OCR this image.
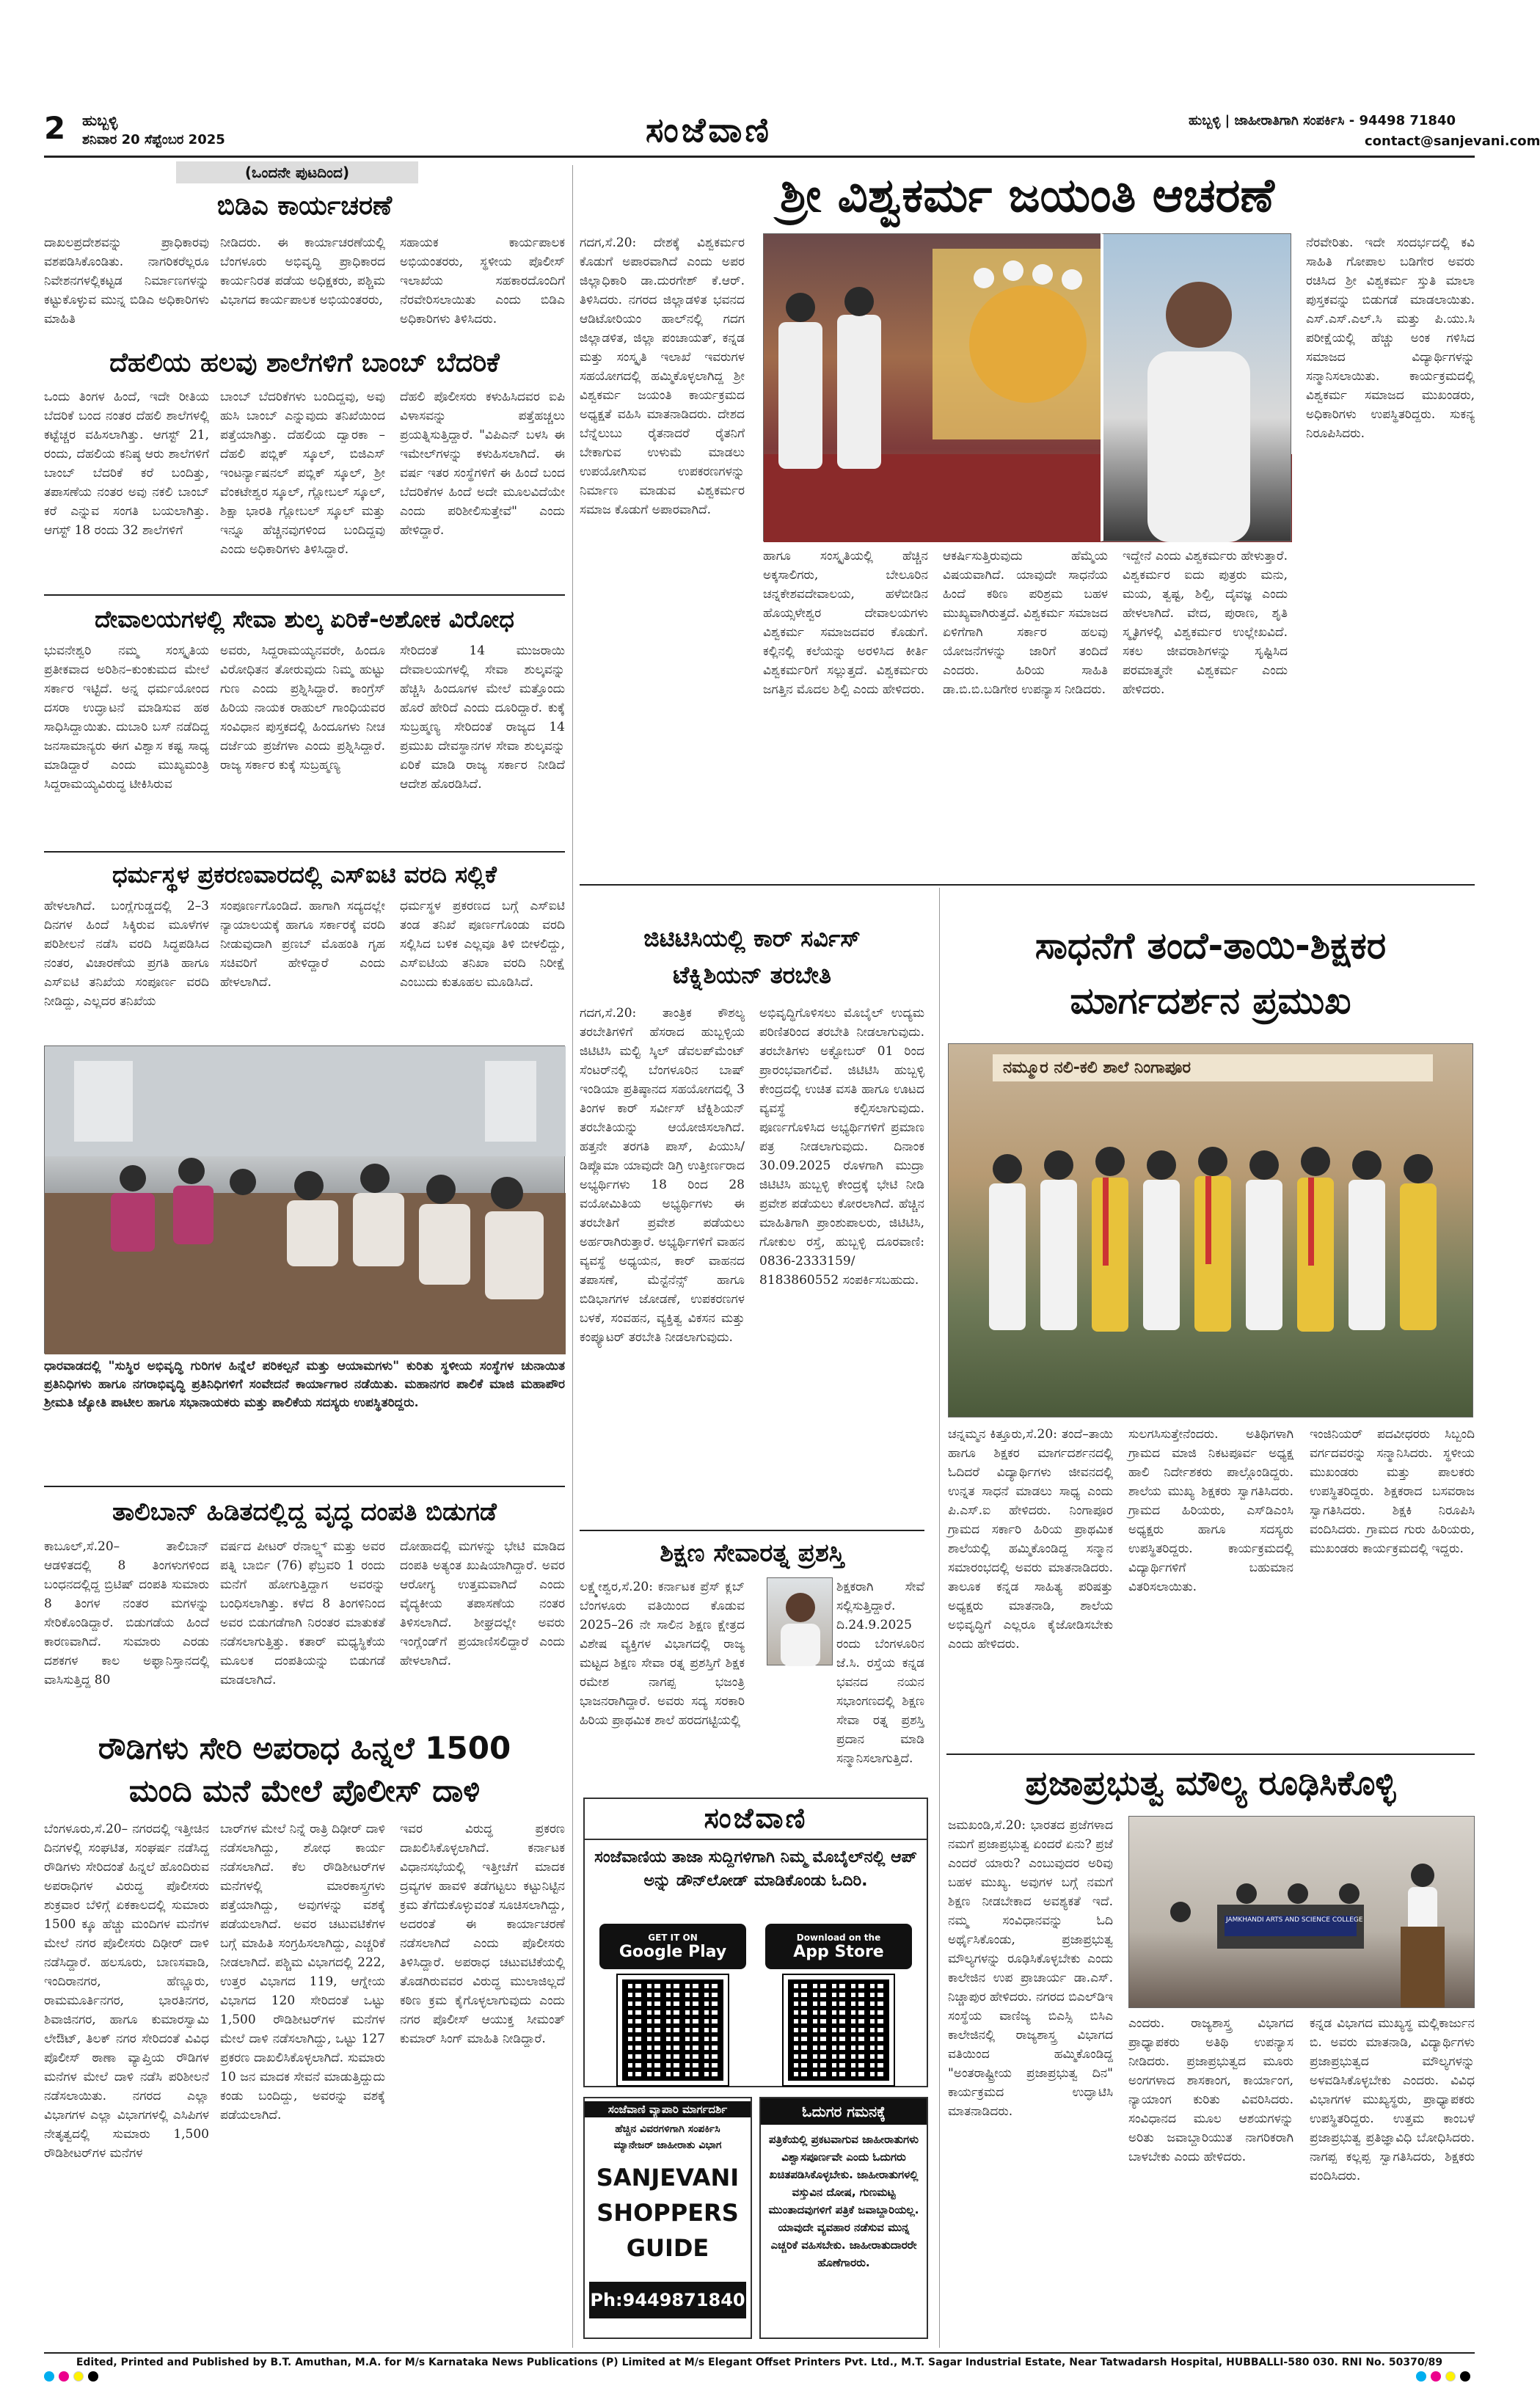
2 ಹುಬ್ಬಳ್ಳಿ
ಶನಿವಾರ 20 ಸೆಪ್ಟೆಂಬರ 2025	ಸಂಜೆವಾಣಿ	ಹುಬ್ಬಳ್ಳಿ | ಜಾಹೀರಾತಿಗಾಗಿ ಸಂಪರ್ಕಿಸಿ - 94498 71840
contact@sanjevani.com
(ಒಂದನೇ ಪುಟದಿಂದ)
ಬಿಡಿಎ ಕಾರ್ಯಚರಣೆ
ದಾಖಲಪ್ರದೇಶವನ್ನು ಪ್ರಾಧಿಕಾರವು ವಶಪಡಿಸಿಕೊಂಡಿತು. ನಾಗರಿಕರೆಲ್ಲರೂ ನಿವೇಶನಗಳಲ್ಲಿಕಟ್ಟಡ ನಿರ್ಮಾಣಗಳನ್ನು ಕಟ್ಟುಕೊಳ್ಳುವ ಮುನ್ನ ಬಿಡಿಎ ಅಧಿಕಾರಿಗಳು ಮಾಹಿತಿ
ನೀಡಿದರು. ಈ ಕಾರ್ಯಾಚರಣೆಯಲ್ಲಿ ಬೆಂಗಳೂರು ಅಭಿವೃದ್ಧಿ ಪ್ರಾಧಿಕಾರದ ಕಾರ್ಯನಿರತ ಪಡೆಯ ಅಧಿಕ್ಷಕರು, ಪಶ್ಚಿಮ ವಿಭಾಗದ ಕಾರ್ಯಪಾಲಕ ಅಭಿಯಂತರರು,
ಸಹಾಯಕ ಕಾರ್ಯಪಾಲಕ ಅಭಿಯಂತರರು, ಸ್ಥಳೀಯ ಪೊಲೀಸ್ ಇಲಾಖೆಯ ಸಹಕಾರದೊಂದಿಗೆ ನೆರವೇರಿಸಲಾಯಿತು ಎಂದು ಬಿಡಿಎ ಅಧಿಕಾರಿಗಳು ತಿಳಿಸಿದರು.
ದೆಹಲಿಯ ಹಲವು ಶಾಲೆಗಳಿಗೆ ಬಾಂಬ್ ಬೆದರಿಕೆ
ಒಂದು ತಿಂಗಳ ಹಿಂದೆ, ಇದೇ ರೀತಿಯ ಬೆದರಿಕೆ ಬಂದ ನಂತರ ದೆಹಲಿ ಶಾಲೆಗಳಲ್ಲಿ ಕಟ್ಟೆಚ್ಚರ ವಹಿಸಲಾಗಿತ್ತು. ಆಗಸ್ಟ್ 21, ರಂದು, ದೆಹಲಿಯ ಕನಿಷ್ಠ ಆರು ಶಾಲೆಗಳಿಗೆ ಬಾಂಬ್ ಬೆದರಿಕೆ ಕರೆ ಬಂದಿತ್ತು, ತಪಾಸಣೆಯ ನಂತರ ಅವು ನಕಲಿ ಬಾಂಬ್ ಕರೆ ಎನ್ನುವ ಸಂಗತಿ ಬಯಲಾಗಿತ್ತು. ಆಗಸ್ಟ್ 18 ರಂದು 32 ಶಾಲೆಗಳಿಗೆ
ಬಾಂಬ್ ಬೆದರಿಕೆಗಳು ಬಂದಿದ್ದವು, ಅವು ಹುಸಿ ಬಾಂಬ್ ಎನ್ನುವುದು ತನಿಖೆಯಿಂದ ಪತ್ತೆಯಾಗಿತ್ತು. ದೆಹಲಿಯ ದ್ವಾರಕಾ – ದೆಹಲಿ ಪಬ್ಲಿಕ್ ಸ್ಕೂಲ್, ಬಿಜಿಎಸ್ ಇಂಟರ್ನ್ಯಾಷನಲ್ ಪಬ್ಲಿಕ್ ಸ್ಕೂಲ್, ಶ್ರೀ ವೆಂಕಟೇಶ್ವರ ಸ್ಕೂಲ್, ಗ್ಲೋಬಲ್ ಸ್ಕೂಲ್, ಶಿಕ್ಷಾ ಭಾರತಿ ಗ್ಲೋಬಲ್ ಸ್ಕೂಲ್ ಮತ್ತು ಇನ್ನೂ ಹೆಚ್ಚಿನವುಗಳಿಂದ ಬಂದಿದ್ದವು ಎಂದು ಅಧಿಕಾರಿಗಳು ತಿಳಿಸಿದ್ದಾರೆ.
ದೆಹಲಿ ಪೊಲೀಸರು ಕಳುಹಿಸಿದವರ ಐಪಿ ವಿಳಾಸವನ್ನು ಪತ್ತೆಹಚ್ಚಲು ಪ್ರಯತ್ನಿಸುತ್ತಿದ್ದಾರೆ. "ವಿಪಿಎನ್ ಬಳಸಿ ಈ ಇಮೇಲ್‌ಗಳನ್ನು ಕಳುಹಿಸಲಾಗಿದೆ. ಈ ವರ್ಷ ಇತರ ಸಂಸ್ಥೆಗಳಿಗೆ ಈ ಹಿಂದೆ ಬಂದ ಬೆದರಿಕೆಗಳ ಹಿಂದೆ ಅದೇ ಮೂಲವಿದೆಯೇ ಎಂದು ಪರಿಶೀಲಿಸುತ್ತೇವೆ" ಎಂದು ಹೇಳಿದ್ದಾರೆ.
ದೇವಾಲಯಗಳಲ್ಲಿ ಸೇವಾ ಶುಲ್ಕ ಏರಿಕೆ-ಅಶೋಕ ವಿರೋಧ
ಭುವನೇಶ್ವರಿ ನಮ್ಮ ಸಂಸ್ಕೃತಿಯ ಪ್ರತೀಕವಾದ ಅರಿಶಿನ–ಕುಂಕುಮದ ಮೇಲೆ ಸರ್ಕಾರ ಇಟ್ಟಿದೆ. ಅನ್ನ ಧರ್ಮಯೋಂದ ದಸರಾ ಉದ್ಘಾಟನೆ ಮಾಡಿಸುವ ಹಠ ಸಾಧಿಸಿದ್ದಾಯಿತು. ದುಬಾರಿ ಬಸ್ ನಡೆದಿದ್ದ ಜನಸಾಮಾನ್ಯರು ಈಗ ವಿಶ್ವಾಸ ಕಷ್ಟ ಸಾಧ್ಯ ಮಾಡಿದ್ದಾರೆ ಎಂದು ಮುಖ್ಯಮಂತ್ರಿ ಸಿದ್ದರಾಮಯ್ಯವಿರುದ್ಧ ಟೀಕಿಸಿರುವ
ಅವರು, ಸಿದ್ದರಾಮಯ್ಯನವರೇ, ಹಿಂದೂ ವಿರೋಧಿತನ ತೋರುವುದು ನಿಮ್ಮ ಹುಟ್ಟು ಗುಣ ಎಂದು ಪ್ರಶ್ನಿಸಿದ್ದಾರೆ. ಕಾಂಗ್ರೆಸ್ ಹಿರಿಯ ನಾಯಕ ರಾಹುಲ್ ಗಾಂಧಿಯವರ ಸಂವಿಧಾನ ಪುಸ್ತಕದಲ್ಲಿ ಹಿಂದೂಗಳು ನೀಚ ದರ್ಜೆಯ ಪ್ರಜೆಗಳಾ ಎಂದು ಪ್ರಶ್ನಿಸಿದ್ದಾರೆ. ರಾಜ್ಯ ಸರ್ಕಾರ ಕುಕ್ಕೆ ಸುಬ್ರಹ್ಮಣ್ಯ
ಸೇರಿದಂತೆ 14 ಮುಜರಾಯಿ ದೇವಾಲಯಗಳಲ್ಲಿ ಸೇವಾ ಶುಲ್ಕವನ್ನು ಹೆಚ್ಚಿಸಿ ಹಿಂದೂಗಳ ಮೇಲೆ ಮತ್ತೊಂದು ಹೊರೆ ಹೇರಿದೆ ಎಂದು ದೂರಿದ್ದಾರೆ. ಕುಕ್ಕೆ ಸುಬ್ರಹ್ಮಣ್ಯ ಸೇರಿದಂತೆ ರಾಜ್ಯದ 14 ಪ್ರಮುಖ ದೇವಸ್ಥಾನಗಳ ಸೇವಾ ಶುಲ್ಕವನ್ನು ಏರಿಕೆ ಮಾಡಿ ರಾಜ್ಯ ಸರ್ಕಾರ ನೀಡಿದೆ ಆದೇಶ ಹೊರಡಿಸಿದೆ.
ಧರ್ಮಸ್ಥಳ ಪ್ರಕರಣವಾರದಲ್ಲಿ ಎಸ್‌ಐಟಿ ವರದಿ ಸಲ್ಲಿಕೆ
ಹೇಳಲಾಗಿದೆ. ಬಂಗ್ಲೆಗುಡ್ಡದಲ್ಲಿ 2–3 ದಿನಗಳ ಹಿಂದೆ ಸಿಕ್ಕಿರುವ ಮೂಳೆಗಳ ಪರಿಶೀಲನೆ ನಡೆಸಿ ವರದಿ ಸಿದ್ಧಪಡಿಸಿದ ನಂತರ, ವಿಚಾರಣೆಯ ಪ್ರಗತಿ ಹಾಗೂ ಎಸ್‌ಐಟಿ ತನಿಖೆಯ ಸಂಪೂರ್ಣ ವರದಿ ನೀಡಿದ್ದು, ಎಲ್ಲದರ ತನಿಖೆಯ
ಸಂಪೂರ್ಣಗೊಂಡಿದೆ. ಹಾಗಾಗಿ ಸದ್ಯದಲ್ಲೇ ನ್ಯಾಯಾಲಯಕ್ಕೆ ಹಾಗೂ ಸರ್ಕಾರಕ್ಕೆ ವರದಿ ನೀಡುವುದಾಗಿ ಪ್ರಣಬ್ ಮೊಹಂತಿ ಗೃಹ ಸಚಿವರಿಗೆ ಹೇಳಿದ್ದಾರೆ ಎಂದು ಹೇಳಲಾಗಿದೆ.
ಧರ್ಮಸ್ಥಳ ಪ್ರಕರಣದ ಬಗ್ಗೆ ಎಸ್‌ಐಟಿ ತಂಡ ತನಿಖೆ ಪೂರ್ಣಗೊಂಡು ವರದಿ ಸಲ್ಲಿಸಿದ ಬಳಿಕ ಎಲ್ಲವೂ ತಿಳಿ ಬೀಳಲಿದ್ದು, ಎಸ್‌ಐಟಿಯ ತನಿಖಾ ವರದಿ ನಿರೀಕ್ಷೆ ಎಂಬುದು ಕುತೂಹಲ ಮೂಡಿಸಿದೆ.
ಧಾರವಾಡದಲ್ಲಿ "ಸುಸ್ಥಿರ ಅಭಿವೃದ್ಧಿ ಗುರಿಗಳ ಹಿನ್ನೆಲೆ ಪರಿಕಲ್ಪನೆ ಮತ್ತು ಆಯಾಮಗಳು" ಕುರಿತು ಸ್ಥಳೀಯ ಸಂಸ್ಥೆಗಳ ಚುನಾಯಿತ ಪ್ರತಿನಿಧಿಗಳು ಹಾಗೂ ನಗರಾಭಿವೃದ್ಧಿ ಪ್ರತಿನಿಧಿಗಳಿಗೆ ಸಂವೇದನೆ ಕಾರ್ಯಾಗಾರ ನಡೆಯಿತು. ಮಹಾನಗರ ಪಾಲಿಕೆ ಮಾಜಿ ಮಹಾಪೌರ ಶ್ರೀಮತಿ ಜ್ಯೋತಿ ಪಾಟೀಲ ಹಾಗೂ ಸಭಾನಾಯಕರು ಮತ್ತು ಪಾಲಿಕೆಯ ಸದಸ್ಯರು ಉಪಸ್ಥಿತರಿದ್ದರು.
ತಾಲಿಬಾನ್ ಹಿಡಿತದಲ್ಲಿದ್ದ ವೃದ್ಧ ದಂಪತಿ ಬಿಡುಗಡೆ
ಕಾಬೂಲ್,ಸೆ.20– ತಾಲಿಬಾನ್ ಆಡಳಿತದಲ್ಲಿ 8 ತಿಂಗಳುಗಳಿಂದ ಬಂಧನದಲ್ಲಿದ್ದ ಬ್ರಿಟಿಷ್ ದಂಪತಿ ಸುಮಾರು 8 ತಿಂಗಳ ನಂತರ ಮಗಳನ್ನು ಸೇರಿಕೊಂಡಿದ್ದಾರೆ. ಬಿಡುಗಡೆಯ ಹಿಂದೆ ಕಾರಣವಾಗಿದೆ. ಸುಮಾರು ಎರಡು ದಶಕಗಳ ಕಾಲ ಅಫ್ಘಾನಿಸ್ತಾನದಲ್ಲಿ ವಾಸಿಸುತ್ತಿದ್ದ 80
ವರ್ಷದ ಪೀಟರ್ ರೆನಾಲ್ಡ್ಸ್ ಮತ್ತು ಅವರ ಪತ್ನಿ ಬಾರ್ಬಿ (76) ಫೆಬ್ರವರಿ 1 ರಂದು ಮನೆಗೆ ಹೋಗುತ್ತಿದ್ದಾಗ ಅವರನ್ನು ಬಂಧಿಸಲಾಗಿತ್ತು. ಕಳೆದ 8 ತಿಂಗಳಿನಿಂದ ಅವರ ಬಿಡುಗಡೆಗಾಗಿ ನಿರಂತರ ಮಾತುಕತೆ ನಡೆಸಲಾಗುತ್ತಿತ್ತು. ಕತಾರ್ ಮಧ್ಯಸ್ಥಿಕೆಯ ಮೂಲಕ ದಂಪತಿಯನ್ನು ಬಿಡುಗಡೆ ಮಾಡಲಾಗಿದೆ.
ದೋಹಾದಲ್ಲಿ ಮಗಳನ್ನು ಭೇಟಿ ಮಾಡಿದ ದಂಪತಿ ಅತ್ಯಂತ ಖುಷಿಯಾಗಿದ್ದಾರೆ. ಅವರ ಆರೋಗ್ಯ ಉತ್ತಮವಾಗಿದೆ ಎಂದು ವೈದ್ಯಕೀಯ ತಪಾಸಣೆಯ ನಂತರ ತಿಳಿಸಲಾಗಿದೆ. ಶೀಘ್ರದಲ್ಲೇ ಅವರು ಇಂಗ್ಲೆಂಡ್‌ಗೆ ಪ್ರಯಾಣಿಸಲಿದ್ದಾರೆ ಎಂದು ಹೇಳಲಾಗಿದೆ.
ರೌಡಿಗಳು ಸೇರಿ ಅಪರಾಧ ಹಿನ್ನಲೆ 1500
ಮಂದಿ ಮನೆ ಮೇಲೆ ಪೊಲೀಸ್ ದಾಳಿ
ಬೆಂಗಳೂರು,ಸೆ.20– ನಗರದಲ್ಲಿ ಇತ್ತೀಚಿನ ದಿನಗಳಲ್ಲಿ ಸಂಘಟಿತ, ಸಂಘರ್ಷ ನಡೆಸಿದ್ದ ರೌಡಿಗಳು ಸೇರಿದಂತೆ ಹಿನ್ನಲೆ ಹೊಂದಿರುವ ಅಪರಾಧಿಗಳ ವಿರುದ್ಧ ಪೊಲೀಸರು ಶುಕ್ರವಾರ ಬೆಳಿಗ್ಗೆ ಏಕಕಾಲದಲ್ಲಿ ಸುಮಾರು 1500 ಕ್ಕೂ ಹೆಚ್ಚು ಮಂದಿಗಳ ಮನೆಗಳ ಮೇಲೆ ನಗರ ಪೊಲೀಸರು ದಿಢೀರ್ ದಾಳಿ ನಡೆಸಿದ್ದಾರೆ. ಹಲಸೂರು, ಬಾಣಸವಾಡಿ, ಇಂದಿರಾನಗರ, ಹೆಣ್ಣೂರು, ರಾಮಮೂರ್ತಿನಗರ, ಭಾರತಿನಗರ, ಶಿವಾಜಿನಗರ, ಹಾಗೂ ಕುಮಾರಸ್ವಾಮಿ ಲೇಔಟ್, ತಿಲಕ್ ನಗರ ಸೇರಿದಂತೆ ವಿವಿಧ ಪೊಲೀಸ್ ಠಾಣಾ ವ್ಯಾಪ್ತಿಯ ರೌಡಿಗಳ ಮನೆಗಳ ಮೇಲೆ ದಾಳಿ ನಡೆಸಿ ಪರಿಶೀಲನೆ ನಡೆಸಲಾಯಿತು. ನಗರದ ಎಲ್ಲಾ ವಿಭಾಗಗಳ ಎಲ್ಲಾ ವಿಭಾಗಗಳಲ್ಲಿ ಎಸಿಪಿಗಳ ನೇತೃತ್ವದಲ್ಲಿ ಸುಮಾರು 1,500 ರೌಡಿಶೀಟರ್‌ಗಳ ಮನೆಗಳ
ಬಾರ್‌ಗಳ ಮೇಲೆ ನಿನ್ನೆ ರಾತ್ರಿ ದಿಢೀರ್ ದಾಳಿ ನಡೆಸಲಾಗಿದ್ದು, ಶೋಧ ಕಾರ್ಯ ನಡೆಸಲಾಗಿದೆ. ಕೆಲ ರೌಡಿಶೀಟರ್‌ಗಳ ಮನೆಗಳಲ್ಲಿ ಮಾರಕಾಸ್ತ್ರಗಳು ಪತ್ತೆಯಾಗಿದ್ದು, ಅವುಗಳನ್ನು ವಶಕ್ಕೆ ಪಡೆಯಲಾಗಿದೆ. ಅವರ ಚಟುವಟಿಕೆಗಳ ಬಗ್ಗೆ ಮಾಹಿತಿ ಸಂಗ್ರಹಿಸಲಾಗಿದ್ದು, ಎಚ್ಚರಿಕೆ ನೀಡಲಾಗಿದೆ. ಪಶ್ಚಿಮ ವಿಭಾಗದಲ್ಲಿ 222, ಉತ್ತರ ವಿಭಾಗದ 119, ಆಗ್ನೇಯ ವಿಭಾಗದ 120 ಸೇರಿದಂತೆ ಒಟ್ಟು 1,500 ರೌಡಿಶೀಟರ್‌ಗಳ ಮನೆಗಳ ಮೇಲೆ ದಾಳಿ ನಡೆಸಲಾಗಿದ್ದು, ಒಟ್ಟು 127 ಪ್ರಕರಣ ದಾಖಲಿಸಿಕೊಳ್ಳಲಾಗಿದೆ. ಸುಮಾರು 10 ಜನ ಮಾದಕ ಸೇವನೆ ಮಾಡುತ್ತಿದ್ದುದು ಕಂಡು ಬಂದಿದ್ದು, ಅವರನ್ನು ವಶಕ್ಕೆ ಪಡೆಯಲಾಗಿದೆ.
ಇವರ ವಿರುದ್ಧ ಪ್ರಕರಣ ದಾಖಲಿಸಿಕೊಳ್ಳಲಾಗಿದೆ. ಕರ್ನಾಟಕ ವಿಧಾನಸಭೆಯಲ್ಲಿ ಇತ್ತೀಚೆಗೆ ಮಾದಕ ದ್ರವ್ಯಗಳ ಹಾವಳಿ ತಡೆಗಟ್ಟಲು ಕಟ್ಟುನಿಟ್ಟಿನ ಕ್ರಮ ತೆಗೆದುಕೊಳ್ಳುವಂತೆ ಸೂಚಿಸಲಾಗಿದ್ದು, ಅದರಂತೆ ಈ ಕಾರ್ಯಾಚರಣೆ ನಡೆಸಲಾಗಿದೆ ಎಂದು ಪೊಲೀಸರು ತಿಳಿಸಿದ್ದಾರೆ. ಅಪರಾಧ ಚಟುವಟಿಕೆಯಲ್ಲಿ ತೊಡಗಿರುವವರ ವಿರುದ್ಧ ಮುಲಾಜಿಲ್ಲದೆ ಕಠಿಣ ಕ್ರಮ ಕೈಗೊಳ್ಳಲಾಗುವುದು ಎಂದು ನಗರ ಪೊಲೀಸ್ ಆಯುಕ್ತ ಸೀಮಂತ್ ಕುಮಾರ್ ಸಿಂಗ್ ಮಾಹಿತಿ ನೀಡಿದ್ದಾರೆ.
ಶ್ರೀ ವಿಶ್ವಕರ್ಮ ಜಯಂತಿ ಆಚರಣೆ
ಗದಗ,ಸೆ.20: ದೇಶಕ್ಕೆ ವಿಶ್ವಕರ್ಮರ ಕೊಡುಗೆ ಅಪಾರವಾಗಿದೆ ಎಂದು ಅಪರ ಜಿಲ್ಲಾಧಿಕಾರಿ ಡಾ.ದುರಗೇಶ್ ಕೆ.ಆರ್. ತಿಳಿಸಿದರು. ನಗರದ ಜಿಲ್ಲಾಡಳಿತ ಭವನದ ಆಡಿಟೋರಿಯಂ ಹಾಲ್‌ನಲ್ಲಿ ಗದಗ ಜಿಲ್ಲಾಡಳಿತ, ಜಿಲ್ಲಾ ಪಂಚಾಯತ್, ಕನ್ನಡ ಮತ್ತು ಸಂಸ್ಕೃತಿ ಇಲಾಖೆ ಇವರುಗಳ ಸಹಯೋಗದಲ್ಲಿ ಹಮ್ಮಿಕೊಳ್ಳಲಾಗಿದ್ದ ಶ್ರೀ ವಿಶ್ವಕರ್ಮ ಜಯಂತಿ ಕಾರ್ಯಕ್ರಮದ ಅಧ್ಯಕ್ಷತೆ ವಹಿಸಿ ಮಾತನಾಡಿದರು. ದೇಶದ ಬೆನ್ನೆಲುಬು ರೈತನಾದರೆ ರೈತನಿಗೆ ಬೇಕಾಗುವ ಉಳುಮೆ ಮಾಡಲು ಉಪಯೋಗಿಸುವ ಉಪಕರಣಗಳನ್ನು ನಿರ್ಮಾಣ ಮಾಡುವ ವಿಶ್ವಕರ್ಮರ ಸಮಾಜ ಕೊಡುಗೆ ಅಪಾರವಾಗಿದೆ.
ಹಾಗೂ ಸಂಸ್ಕೃತಿಯಲ್ಲಿ ಹೆಚ್ಚಿನ ಅಕ್ಕಸಾಲಿಗರು, ಬೇಲೂರಿನ ಚನ್ನಕೇಶವದೇವಾಲಯ, ಹಳೆಬೀಡಿನ ಹೊಯ್ಸಳೇಶ್ವರ ದೇವಾಲಯಗಳು ವಿಶ್ವಕರ್ಮ ಸಮಾಜದವರ ಕೊಡುಗೆ. ಕಲ್ಲಿನಲ್ಲಿ ಕಲೆಯನ್ನು ಅರಳಿಸಿದ ಕೀರ್ತಿ ವಿಶ್ವಕರ್ಮರಿಗೆ ಸಲ್ಲುತ್ತದೆ. ವಿಶ್ವಕರ್ಮರು ಜಗತ್ತಿನ ಮೊದಲ ಶಿಲ್ಪಿ ಎಂದು ಹೇಳಿದರು.
ಆಕರ್ಷಿಸುತ್ತಿರುವುದು ಹೆಮ್ಮೆಯ ವಿಷಯವಾಗಿದೆ. ಯಾವುದೇ ಸಾಧನೆಯ ಹಿಂದೆ ಕಠಿಣ ಪರಿಶ್ರಮ ಬಹಳ ಮುಖ್ಯವಾಗಿರುತ್ತದೆ. ವಿಶ್ವಕರ್ಮ ಸಮಾಜದ ಏಳಿಗೆಗಾಗಿ ಸರ್ಕಾರ ಹಲವು ಯೋಜನೆಗಳನ್ನು ಜಾರಿಗೆ ತಂದಿದೆ ಎಂದರು. ಹಿರಿಯ ಸಾಹಿತಿ ಡಾ.ಬಿ.ಬಿ.ಬಡಿಗೇರ ಉಪನ್ಯಾಸ ನೀಡಿದರು.
ಇದ್ದೇನೆ ಎಂದು ವಿಶ್ವಕರ್ಮರು ಹೇಳುತ್ತಾರೆ. ವಿಶ್ವಕರ್ಮರ ಐದು ಪುತ್ರರು ಮನು, ಮಯ, ತ್ವಷ್ಟ, ಶಿಲ್ಪಿ, ದೈವಜ್ಞ ಎಂದು ಹೇಳಲಾಗಿದೆ. ವೇದ, ಪುರಾಣ, ಶೃತಿ ಸ್ಮೃತಿಗಳಲ್ಲಿ ವಿಶ್ವಕರ್ಮರ ಉಲ್ಲೇಖವಿದೆ. ಸಕಲ ಜೀವರಾಶಿಗಳನ್ನು ಸೃಷ್ಟಿಸಿದ ಪರಮಾತ್ಮನೇ ವಿಶ್ವಕರ್ಮ ಎಂದು ಹೇಳಿದರು.
ನೆರವೇರಿತು. ಇದೇ ಸಂದರ್ಭದಲ್ಲಿ ಕವಿ ಸಾಹಿತಿ ಗೋಪಾಲ ಬಡಿಗೇರ ಅವರು ರಚಿಸಿದ ಶ್ರೀ ವಿಶ್ವಕರ್ಮ ಸ್ತುತಿ ಮಾಲಾ ಪುಸ್ತಕವನ್ನು ಬಿಡುಗಡೆ ಮಾಡಲಾಯಿತು. ಎಸ್.ಎಸ್.ಎಲ್.ಸಿ ಮತ್ತು ಪಿ.ಯು.ಸಿ ಪರೀಕ್ಷೆಯಲ್ಲಿ ಹೆಚ್ಚು ಅಂಕ ಗಳಿಸಿದ ಸಮಾಜದ ವಿದ್ಯಾರ್ಥಿಗಳನ್ನು ಸನ್ಮಾನಿಸಲಾಯಿತು. ಕಾರ್ಯಕ್ರಮದಲ್ಲಿ ವಿಶ್ವಕರ್ಮ ಸಮಾಜದ ಮುಖಂಡರು, ಅಧಿಕಾರಿಗಳು ಉಪಸ್ಥಿತರಿದ್ದರು. ಸುಕನ್ಯ ನಿರೂಪಿಸಿದರು.
ಜಿಟಿಟಿಸಿಯಲ್ಲಿ ಕಾರ್ ಸರ್ವಿಸ್
ಟೆಕ್ನಿಶಿಯನ್ ತರಬೇತಿ
ಗದಗ,ಸೆ.20: ತಾಂತ್ರಿಕ ಕೌಶಲ್ಯ ತರಬೇತಿಗಳಿಗೆ ಹೆಸರಾದ ಹುಬ್ಬಳ್ಳಿಯ ಜಿಟಿಟಿಸಿ ಮಲ್ಟಿ ಸ್ಕಿಲ್ ಡೆವಲಪ್‌ಮೆಂಟ್ ಸೆಂಟರ್‌ನಲ್ಲಿ ಬೆಂಗಳೂರಿನ ಬಾಷ್ ಇಂಡಿಯಾ ಪ್ರತಿಷ್ಠಾನದ ಸಹಯೋಗದಲ್ಲಿ 3 ತಿಂಗಳ ಕಾರ್ ಸರ್ವೀಸ್ ಟೆಕ್ನಿಶಿಯನ್ ತರಬೇತಿಯನ್ನು ಆಯೋಜಿಸಲಾಗಿದೆ. ಹತ್ತನೇ ತರಗತಿ ಪಾಸ್, ಪಿಯುಸಿ/ಡಿಪ್ಲೊಮಾ ಯಾವುದೇ ಡಿಗ್ರಿ ಉತ್ತೀರ್ಣರಾದ ಅಭ್ಯರ್ಥಿಗಳು 18 ರಿಂದ 28 ವಯೋಮಿತಿಯ ಅಭ್ಯರ್ಥಿಗಳು ಈ ತರಬೇತಿಗೆ ಪ್ರವೇಶ ಪಡೆಯಲು ಅರ್ಹರಾಗಿರುತ್ತಾರೆ. ಅಭ್ಯರ್ಥಿಗಳಿಗೆ ವಾಹನ ವ್ಯವಸ್ಥೆ ಅಧ್ಯಯನ, ಕಾರ್ ವಾಹನದ ತಪಾಸಣೆ, ಮೆನ್ಟೆನೆನ್ಸ್ ಹಾಗೂ ಬಿಡಿಭಾಗಗಳ ಜೋಡಣೆ, ಉಪಕರಣಗಳ ಬಳಕೆ, ಸಂವಹನ, ವ್ಯಕ್ತಿತ್ವ ವಿಕಸನ ಮತ್ತು ಕಂಪ್ಯೂಟರ್ ತರಬೇತಿ ನೀಡಲಾಗುವುದು.
ಅಭಿವೃದ್ಧಿಗೊಳಿಸಲು ಮೊಬೈಲ್ ಉದ್ಯಮ ಪರಿಣಿತರಿಂದ ತರಬೇತಿ ನೀಡಲಾಗುವುದು. ತರಬೇತಿಗಳು ಅಕ್ಟೋಬರ್ 01 ರಿಂದ ಪ್ರಾರಂಭವಾಗಲಿವೆ. ಜಿಟಿಟಿಸಿ ಹುಬ್ಬಳ್ಳಿ ಕೇಂದ್ರದಲ್ಲಿ ಉಚಿತ ವಸತಿ ಹಾಗೂ ಊಟದ ವ್ಯವಸ್ಥೆ ಕಲ್ಪಿಸಲಾಗುವುದು. ಪೂರ್ಣಗೊಳಿಸಿದ ಅಭ್ಯರ್ಥಿಗಳಿಗೆ ಪ್ರಮಾಣ ಪತ್ರ ನೀಡಲಾಗುವುದು. ದಿನಾಂಕ 30.09.2025 ರೊಳಗಾಗಿ ಮುದ್ರಾ ಜಿಟಿಟಿಸಿ ಹುಬ್ಬಳ್ಳಿ ಕೇಂದ್ರಕ್ಕೆ ಭೇಟಿ ನೀಡಿ ಪ್ರವೇಶ ಪಡೆಯಲು ಕೋರಲಾಗಿದೆ. ಹೆಚ್ಚಿನ ಮಾಹಿತಿಗಾಗಿ ಪ್ರಾಂಶುಪಾಲರು, ಜಿಟಿಟಿಸಿ, ಗೋಕುಲ ರಸ್ತೆ, ಹುಬ್ಬಳ್ಳಿ ದೂರವಾಣಿ: 0836-2333159/ 8183860552 ಸಂಪರ್ಕಿಸಬಹುದು.
ಶಿಕ್ಷಣ ಸೇವಾರತ್ನ ಪ್ರಶಸ್ತಿ
ಲಕ್ಷ್ಮೇಶ್ವರ,ಸೆ.20: ಕರ್ನಾಟಕ ಪ್ರೆಸ್ ಕ್ಲಬ್ ಬೆಂಗಳೂರು ವತಿಯಿಂದ ಕೊಡುವ 2025–26 ನೇ ಸಾಲಿನ ಶಿಕ್ಷಣ ಕ್ಷೇತ್ರದ ವಿಶೇಷ ವ್ಯಕ್ತಿಗಳ ವಿಭಾಗದಲ್ಲಿ ರಾಜ್ಯ ಮಟ್ಟದ ಶಿಕ್ಷಣ ಸೇವಾ ರತ್ನ ಪ್ರಶಸ್ತಿಗೆ ಶಿಕ್ಷಕ ರಮೇಶ ನಾಗಪ್ಪ ಭಜಂತ್ರಿ ಭಾಜನರಾಗಿದ್ದಾರೆ. ಅವರು ಸದ್ಯ ಸರಕಾರಿ ಹಿರಿಯ ಪ್ರಾಥಮಿಕ ಶಾಲೆ ಹರದಗಟ್ಟಿಯಲ್ಲಿ
ಶಿಕ್ಷಕರಾಗಿ ಸೇವೆ ಸಲ್ಲಿಸುತ್ತಿದ್ದಾರೆ. ದಿ.24.9.2025 ರಂದು ಬೆಂಗಳೂರಿನ ಜೆ.ಸಿ. ರಸ್ತೆಯ ಕನ್ನಡ ಭವನದ ನಯನ ಸಭಾಂಗಣದಲ್ಲಿ ಶಿಕ್ಷಣ ಸೇವಾ ರತ್ನ ಪ್ರಶಸ್ತಿ ಪ್ರದಾನ ಮಾಡಿ ಸನ್ಮಾನಿಸಲಾಗುತ್ತಿದೆ.
ಸಂಜೆವಾಣಿ
ಸಂಜೆವಾಣಿಯ ತಾಜಾ ಸುದ್ದಿಗಳಿಗಾಗಿ ನಿಮ್ಮ ಮೊಬೈಲ್‌ನಲ್ಲಿ ಆಪ್ ಅನ್ನು ಡೌನ್‌ಲೋಡ್ ಮಾಡಿಕೊಂಡು ಓದಿರಿ.
GET IT ON
Google Play
Download on the
App Store
ಸಂಜೆವಾಣಿ ವ್ಯಾಪಾರಿ ಮಾರ್ಗದರ್ಶಿ
ಹೆಚ್ಚಿನ ವಿವರಗಳಿಗಾಗಿ ಸಂಪರ್ಕಿಸಿ
ಮ್ಯಾನೇಜರ್ ಜಾಹೀರಾತು ವಿಭಾಗ
SANJEVANI
SHOPPERS
GUIDE
Ph:9449871840
ಓದುಗರ ಗಮನಕ್ಕೆ
ಪತ್ರಿಕೆಯಲ್ಲಿ ಪ್ರಕಟವಾಗುವ ಜಾಹೀರಾತುಗಳು ವಿಶ್ವಾಸಪೂರ್ಣವೇ ಎಂದು ಓದುಗರು ಖಚಿತಪಡಿಸಿಕೊಳ್ಳಬೇಕು. ಜಾಹೀರಾತುಗಳಲ್ಲಿ ವಸ್ತುವಿನ ದೋಷ, ಗುಣಮಟ್ಟ ಮುಂತಾದವುಗಳಿಗೆ ಪತ್ರಿಕೆ ಜವಾಬ್ದಾರಿಯಲ್ಲ. ಯಾವುದೇ ವ್ಯವಹಾರ ನಡೆಸುವ ಮುನ್ನ ಎಚ್ಚರಿಕೆ ವಹಿಸಬೇಕು. ಜಾಹೀರಾತುದಾರರೇ ಹೊಣೆಗಾರರು.
ಸಾಧನೆಗೆ ತಂದೆ-ತಾಯಿ-ಶಿಕ್ಷಕರ
ಮಾರ್ಗದರ್ಶನ ಪ್ರಮುಖ
ನಮ್ಮೂರ ನಲಿ-ಕಲಿ ಶಾಲೆ ನಿಂಗಾಪೂರ
ಚನ್ನಮ್ಮನ ಕಿತ್ತೂರು,ಸೆ.20: ತಂದೆ–ತಾಯಿ ಹಾಗೂ ಶಿಕ್ಷಕರ ಮಾರ್ಗದರ್ಶನದಲ್ಲಿ ಓದಿದರೆ ವಿದ್ಯಾರ್ಥಿಗಳು ಜೀವನದಲ್ಲಿ ಉನ್ನತ ಸಾಧನೆ ಮಾಡಲು ಸಾಧ್ಯ ಎಂದು ಪಿ.ಎಸ್.ಐ ಹೇಳಿದರು. ನಿಂಗಾಪೂರ ಗ್ರಾಮದ ಸರ್ಕಾರಿ ಹಿರಿಯ ಪ್ರಾಥಮಿಕ ಶಾಲೆಯಲ್ಲಿ ಹಮ್ಮಿಕೊಂಡಿದ್ದ ಸನ್ಮಾನ ಸಮಾರಂಭದಲ್ಲಿ ಅವರು ಮಾತನಾಡಿದರು. ತಾಲೂಕ ಕನ್ನಡ ಸಾಹಿತ್ಯ ಪರಿಷತ್ತು ಅಧ್ಯಕ್ಷರು ಮಾತನಾಡಿ, ಶಾಲೆಯ ಅಭಿವೃದ್ಧಿಗೆ ಎಲ್ಲರೂ ಕೈಜೋಡಿಸಬೇಕು ಎಂದು ಹೇಳಿದರು.
ಸುಲಗಸಿಸುತ್ತೇನೆಂದರು. ಅತಿಥಿಗಳಾಗಿ ಗ್ರಾಮದ ಮಾಜಿ ನಿಕಟಪೂರ್ವ ಅಧ್ಯಕ್ಷ ಹಾಲಿ ನಿರ್ದೇಶಕರು ಪಾಲ್ಗೊಂಡಿದ್ದರು. ಶಾಲೆಯ ಮುಖ್ಯ ಶಿಕ್ಷಕರು ಸ್ವಾಗತಿಸಿದರು. ಗ್ರಾಮದ ಹಿರಿಯರು, ಎಸ್‌ಡಿಎಂಸಿ ಅಧ್ಯಕ್ಷರು ಹಾಗೂ ಸದಸ್ಯರು ಉಪಸ್ಥಿತರಿದ್ದರು. ಕಾರ್ಯಕ್ರಮದಲ್ಲಿ ವಿದ್ಯಾರ್ಥಿಗಳಿಗೆ ಬಹುಮಾನ ವಿತರಿಸಲಾಯಿತು.
ಇಂಜಿನಿಯರ್ ಪದವೀಧರರು ಸಿಬ್ಬಂದಿ ವರ್ಗದವರನ್ನು ಸನ್ಮಾನಿಸಿದರು. ಸ್ಥಳೀಯ ಮುಖಂಡರು ಮತ್ತು ಪಾಲಕರು ಉಪಸ್ಥಿತರಿದ್ದರು. ಶಿಕ್ಷಕರಾದ ಬಸವರಾಜ ಸ್ವಾಗತಿಸಿದರು. ಶಿಕ್ಷಕಿ ನಿರೂಪಿಸಿ ವಂದಿಸಿದರು. ಗ್ರಾಮದ ಗುರು ಹಿರಿಯರು, ಮುಖಂಡರು ಕಾರ್ಯಕ್ರಮದಲ್ಲಿ ಇದ್ದರು.
ಪ್ರಜಾಪ್ರಭುತ್ವ ಮೌಲ್ಯ ರೂಢಿಸಿಕೊಳ್ಳಿ
ಜಮಖಂಡಿ,ಸೆ.20: ಭಾರತದ ಪ್ರಜೆಗಳಾದ ನಮಗೆ ಪ್ರಜಾಪ್ರಭುತ್ವ ಏಂದರೆ ಏನು? ಪ್ರಜೆ ಎಂದರೆ ಯಾರು? ಎಂಬುವುದರ ಅರಿವು ಬಹಳ ಮುಖ್ಯ. ಅವುಗಳ ಬಗ್ಗೆ ನಮಗೆ ಶಿಕ್ಷಣ ನೀಡಬೇಕಾದ ಅವಶ್ಯಕತೆ ಇದೆ. ನಮ್ಮ ಸಂವಿಧಾನವನ್ನು ಓದಿ ಅರ್ಥೈಸಿಕೊಂಡು, ಪ್ರಜಾಪ್ರಭುತ್ವ ಮೌಲ್ಯಗಳನ್ನು ರೂಢಿಸಿಕೊಳ್ಳಬೇಕು ಎಂದು ಕಾಲೇಜಿನ ಉಪ ಪ್ರಾಚಾರ್ಯ ಡಾ.ಎಸ್. ನಿಚ್ಚಾಪುರ ಹೇಳಿದರು. ನಗರದ ಬಿಎಲ್‌ಡಿಇ ಸಂಸ್ಥೆಯ ವಾಣಿಜ್ಯ ಬಿಎಸ್ಸಿ ಬಿಸಿಎ ಕಾಲೇಜಿನಲ್ಲಿ ರಾಜ್ಯಶಾಸ್ತ್ರ ವಿಭಾಗದ ವತಿಯಿಂದ ಹಮ್ಮಿಕೊಂಡಿದ್ದ "ಅಂತರಾಷ್ಟ್ರೀಯ ಪ್ರಜಾಪ್ರಭುತ್ವ ದಿನ" ಕಾರ್ಯಕ್ರಮದ ಉದ್ಘಾಟಿಸಿ ಮಾತನಾಡಿದರು.
JAMKHANDI ARTS AND SCIENCE COLLEGE
ಎಂದರು. ರಾಜ್ಯಶಾಸ್ತ್ರ ವಿಭಾಗದ ಪ್ರಾಧ್ಯಾಪಕರು ಅತಿಥಿ ಉಪನ್ಯಾಸ ನೀಡಿದರು. ಪ್ರಜಾಪ್ರಭುತ್ವದ ಮೂರು ಅಂಗಗಳಾದ ಶಾಸಕಾಂಗ, ಕಾರ್ಯಾಂಗ, ನ್ಯಾಯಾಂಗ ಕುರಿತು ವಿವರಿಸಿದರು. ಸಂವಿಧಾನದ ಮೂಲ ಆಶಯಗಳನ್ನು ಅರಿತು ಜವಾಬ್ದಾರಿಯುತ ನಾಗರಿಕರಾಗಿ ಬಾಳಬೇಕು ಎಂದು ಹೇಳಿದರು.
ಕನ್ನಡ ವಿಭಾಗದ ಮುಖ್ಯಸ್ಥ ಮಲ್ಲಿಕಾರ್ಜುನ ಬಿ. ಅವರು ಮಾತನಾಡಿ, ವಿದ್ಯಾರ್ಥಿಗಳು ಪ್ರಜಾಪ್ರಭುತ್ವದ ಮೌಲ್ಯಗಳನ್ನು ಅಳವಡಿಸಿಕೊಳ್ಳಬೇಕು ಎಂದರು. ವಿವಿಧ ವಿಭಾಗಗಳ ಮುಖ್ಯಸ್ಥರು, ಪ್ರಾಧ್ಯಾಪಕರು ಉಪಸ್ಥಿತರಿದ್ದರು. ಉತ್ತಮ ಕಾಂಬಳೆ ಪ್ರಜಾಪ್ರಭುತ್ವ ಪ್ರತಿಜ್ಞಾವಿಧಿ ಬೋಧಿಸಿದರು. ನಾಗಪ್ಪ ಕಲ್ಲಪ್ಪ ಸ್ವಾಗತಿಸಿದರು, ಶಿಕ್ಷಕರು ವಂದಿಸಿದರು.
Edited, Printed and Published by B.T. Amuthan, M.A. for M/s Karnataka News Publications (P) Limited at M/s Elegant Offset Printers Pvt. Ltd., M.T. Sagar Industrial Estate, Near Tatwadarsh Hospital, HUBBALLI-580 030. RNI No. 50370/89
